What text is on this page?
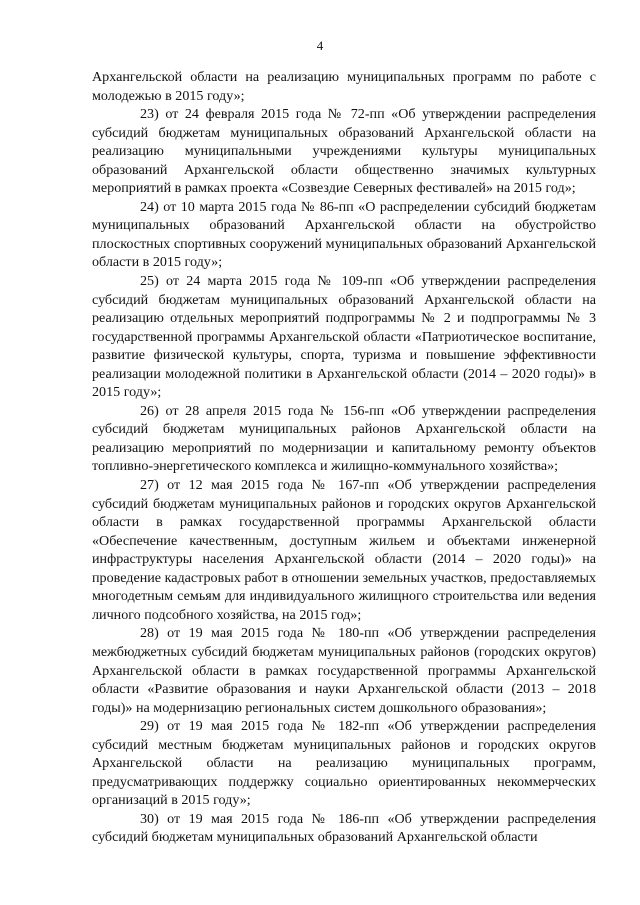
4

Архангельской области на реализацию муниципальных программ по работе с молодежью в 2015 году»;

23) от 24 февраля 2015 года № 72-пп «Об утверждении распределения субсидий бюджетам муниципальных образований Архангельской области на реализацию муниципальными учреждениями культуры муниципальных образований Архангельской области общественно значимых культурных мероприятий в рамках проекта «Созвездие Северных фестивалей» на 2015 год»;

24) от 10 марта 2015 года № 86-пп «О распределении субсидий бюджетам муниципальных образований Архангельской области на обустройство плоскостных спортивных сооружений муниципальных образований Архангельской области в 2015 году»;

25) от 24 марта 2015 года № 109-пп «Об утверждении распределения субсидий бюджетам муниципальных образований Архангельской области на реализацию отдельных мероприятий подпрограммы № 2 и подпрограммы № 3 государственной программы Архангельской области «Патриотическое воспитание, развитие физической культуры, спорта, туризма и повышение эффективности реализации молодежной политики в Архангельской области (2014 – 2020 годы)» в 2015 году»;

26) от 28 апреля 2015 года № 156-пп «Об утверждении распределения субсидий бюджетам муниципальных районов Архангельской области на реализацию мероприятий по модернизации и капитальному ремонту объектов топливно-энергетического комплекса и жилищно-коммунального хозяйства»;

27) от 12 мая 2015 года № 167-пп «Об утверждении распределения субсидий бюджетам муниципальных районов и городских округов Архангельской области в рамках государственной программы Архангельской области «Обеспечение качественным, доступным жильем и объектами инженерной инфраструктуры населения Архангельской области (2014 – 2020 годы)» на проведение кадастровых работ в отношении земельных участков, предоставляемых многодетным семьям для индивидуального жилищного строительства или ведения личного подсобного хозяйства, на 2015 год»;

28) от 19 мая 2015 года № 180-пп «Об утверждении распределения межбюджетных субсидий бюджетам муниципальных районов (городских округов) Архангельской области в рамках государственной программы Архангельской области «Развитие образования и науки Архангельской области (2013 – 2018 годы)» на модернизацию региональных систем дошкольного образования»;

29) от 19 мая 2015 года № 182-пп «Об утверждении распределения субсидий местным бюджетам муниципальных районов и городских округов Архангельской области на реализацию муниципальных программ, предусматривающих поддержку социально ориентированных некоммерческих организаций в 2015 году»;

30) от 19 мая 2015 года № 186-пп «Об утверждении распределения субсидий бюджетам муниципальных образований Архангельской области
